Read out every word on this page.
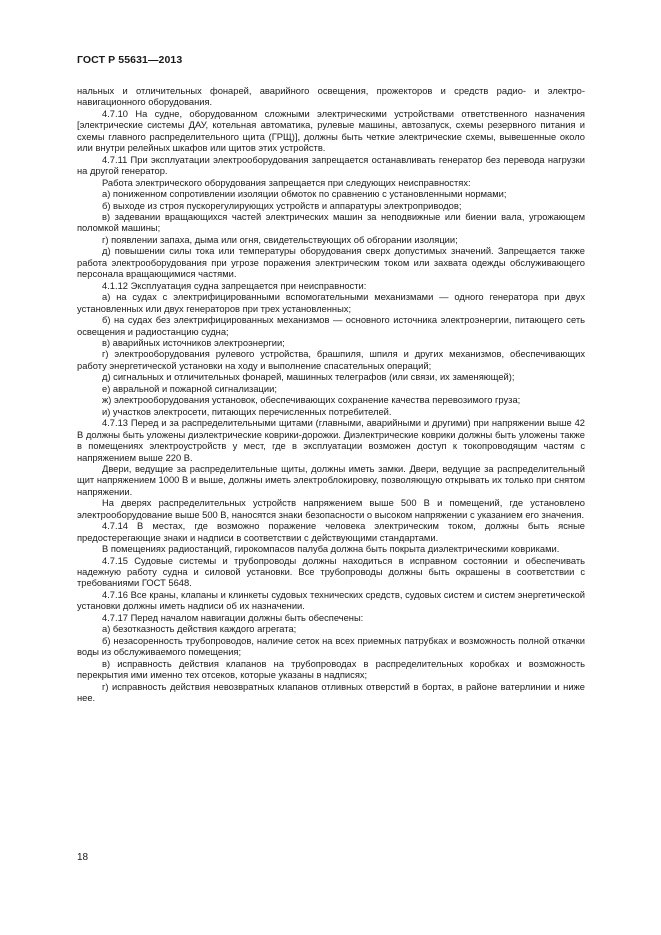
ГОСТ Р 55631—2013

нальных и отличительных фонарей, аварийного освещения, прожекторов и средств радио- и электронавигационного оборудования.

4.7.10 На судне, оборудованном сложными электрическими устройствами ответственного назначения [электрические системы ДАУ, котельная автоматика, рулевые машины, автозапуск, схемы резервного питания и схемы главного распределительного щита (ГРЩ)], должны быть четкие электрические схемы, вывешенные около или внутри релейных шкафов или щитов этих устройств.

4.7.11 При эксплуатации электрооборудования запрещается останавливать генератор без перевода нагрузки на другой генератор.

Работа электрического оборудования запрещается при следующих неисправностях:

а) пониженном сопротивлении изоляции обмоток по сравнению с установленными нормами;

б) выходе из строя пускорегулирующих устройств и аппаратуры электроприводов;

в) задевании вращающихся частей электрических машин за неподвижные или биении вала, угрожающем поломкой машины;

г) появлении запаха, дыма или огня, свидетельствующих об обгорании изоляции;

д) повышении силы тока или температуры оборудования сверх допустимых значений. Запрещается также работа электрооборудования при угрозе поражения электрическим током или захвата одежды обслуживающего персонала вращающимися частями.

4.1.12 Эксплуатация судна запрещается при неисправности:

а) на судах с электрифицированными вспомогательными механизмами — одного генератора при двух установленных или двух генераторов при трех установленных;

б) на судах без электрифицированных механизмов — основного источника электроэнергии, питающего сеть освещения и радиостанцию судна;

в) аварийных источников электроэнергии;

г) электрооборудования рулевого устройства, брашпиля, шпиля и других механизмов, обеспечивающих работу энергетической установки на ходу и выполнение спасательных операций;

д) сигнальных и отличительных фонарей, машинных телеграфов (или связи, их заменяющей);

е) авральной и пожарной сигнализации;

ж) электрооборудования установок, обеспечивающих сохранение качества перевозимого груза;

и) участков электросети, питающих перечисленных потребителей.

4.7.13 Перед и за распределительными щитами (главными, аварийными и другими) при напряжении выше 42 В должны быть уложены диэлектрические коврики-дорожки. Диэлектрические коврики должны быть уложены также в помещениях электроустройств у мест, где в эксплуатации возможен доступ к токопроводящим частям с напряжением выше 220 В.

Двери, ведущие за распределительные щиты, должны иметь замки. Двери, ведущие за распределительный щит напряжением 1000 В и выше, должны иметь электроблокировку, позволяющую открывать их только при снятом напряжении.

На дверях распределительных устройств напряжением выше 500 В и помещений, где установлено электрооборудование выше 500 В, наносятся знаки безопасности о высоком напряжении с указанием его значения.

4.7.14 В местах, где возможно поражение человека электрическим током, должны быть ясные предостерегающие знаки и надписи в соответствии с действующими стандартами.

В помещениях радиостанций, гирокомпасов палуба должна быть покрыта диэлектрическими ковриками.

4.7.15 Судовые системы и трубопроводы должны находиться в исправном состоянии и обеспечивать надежную работу судна и силовой установки. Все трубопроводы должны быть окрашены в соответствии с требованиями ГОСТ 5648.

4.7.16 Все краны, клапаны и клинкеты судовых технических средств, судовых систем и систем энергетической установки должны иметь надписи об их назначении.

4.7.17 Перед началом навигации должны быть обеспечены:

а) безотказность действия каждого агрегата;

б) незасоренность трубопроводов, наличие сеток на всех приемных патрубках и возможность полной откачки воды из обслуживаемого помещения;

в) исправность действия клапанов на трубопроводах в распределительных коробках и возможность перекрытия ими именно тех отсеков, которые указаны в надписях;

г) исправность действия невозвратных клапанов отливных отверстий в бортах, в районе ватерлинии и ниже нее.

18
